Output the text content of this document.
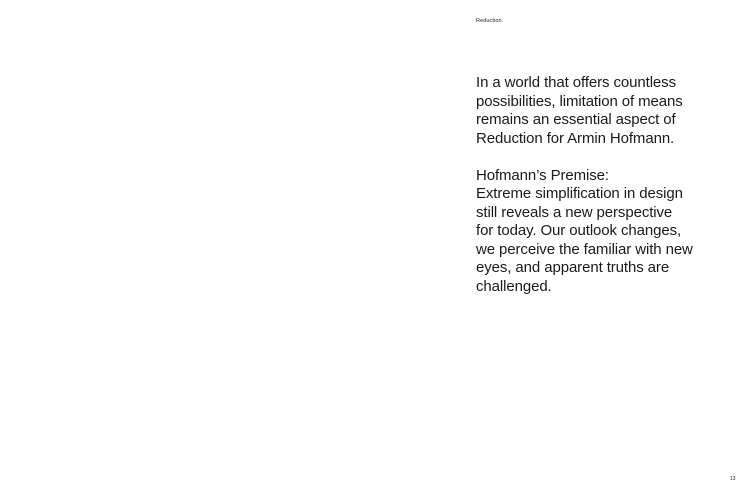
Reduction.

In a world that offers countless
possibilities, limitation of means
remains an essential aspect of
Reduction for Armin Hofmann.

Hofmann’s Premise:
Extreme simplification in design
still reveals a new perspective
for today. Our outlook changes,
we perceive the familiar with new
eyes, and apparent truths are
challenged.

13
